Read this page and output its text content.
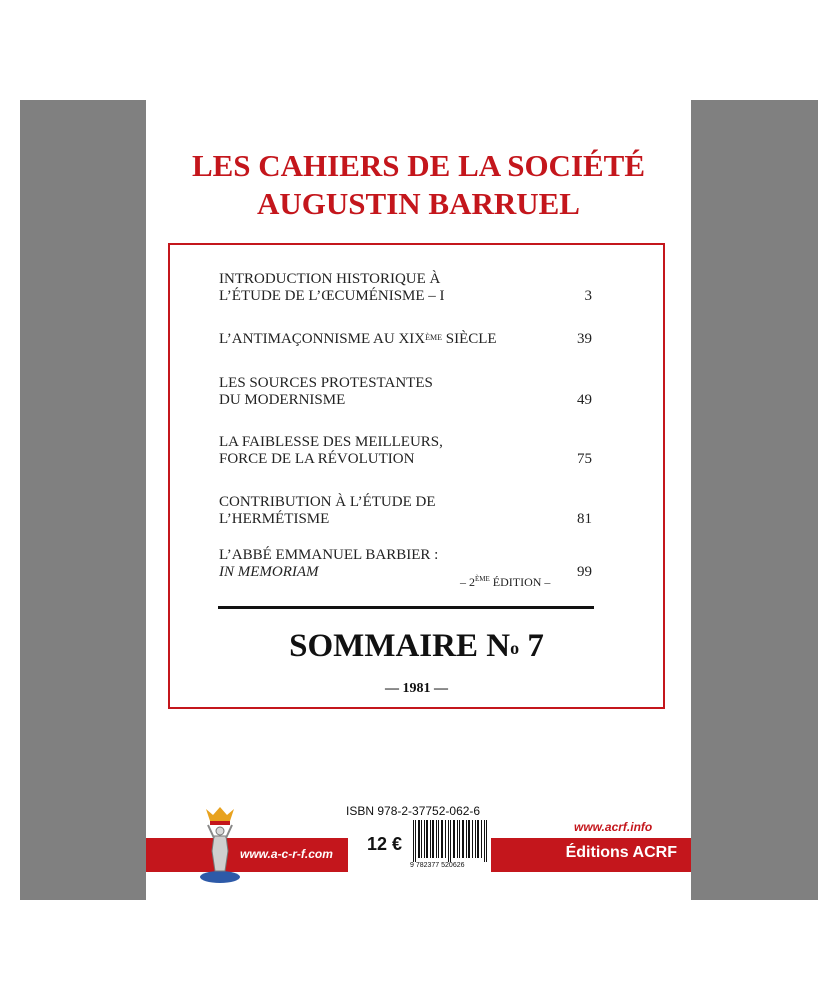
LES CAHIERS DE LA SOCIÉTÉ
AUGUSTIN BARRUEL
INTRODUCTION HISTORIQUE À
L’ÉTUDE DE L’ŒCUMÉNISME – I	3
L’ANTIMAÇONNISME AU XIXÈME SIÈCLE	39
LES SOURCES PROTESTANTES
DU MODERNISME	49
LA FAIBLESSE DES MEILLEURS,
FORCE DE LA RÉVOLUTION	75
CONTRIBUTION À L’ÉTUDE DE
L’HERMÉTISME	81
L’ABBÉ EMMANUEL BARBIER :
IN MEMORIAM	99
– 2ÈME ÉDITION –
SOMMAIRE $N^o$ 7
— 1981 —
www.a-c-r-f.com	Éditions ACRF
ISBN 978-2-37752-062-6
12 €
9 782377 520626
www.acrf.info
